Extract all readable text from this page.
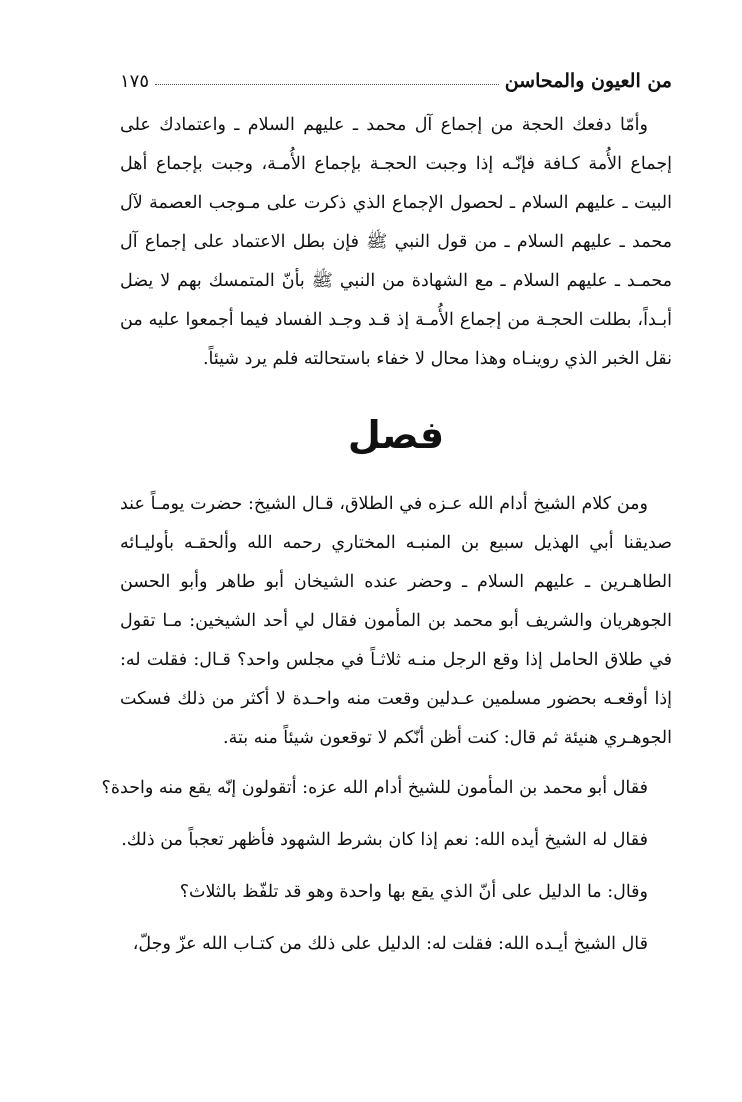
من العيون والمحاسن
١٧٥

وأمّا دفعك الحجة من إجماع آل محمد ـ عليهم السلام ـ واعتمادك على إجماع الأُمة كـافة فإنّـه إذا وجبت الحجـة بإجماع الأُمـة، وجبت بإجماع أهل البيت ـ عليهم السلام ـ لحصول الإجماع الذي ذكرت على مـوجب العصمة لآل محمد ـ عليهم السلام ـ من قول النبي ﷺ فإن بطل الاعتماد على إجماع آل محمـد ـ عليهم السلام ـ مع الشهادة من النبي ﷺ بأنّ المتمسك بهم لا يضل أبـداً، بطلت الحجـة من إجماع الأُمـة إذ قـد وجـد الفساد فيما أجمعوا عليه من نقل الخبر الذي روينـاه وهذا محال لا خفاء باستحالته فلم يرد شيئاً.

فصل

ومن كلام الشيخ أدام الله عـزه في الطلاق، قـال الشيخ: حضرت يومـاً عند صديقنا أبي الهذيل سبيع بن المنبـه المختاري رحمه الله وألحقـه بأوليـائه الطاهـرين ـ عليهم السلام ـ وحضر عنده الشيخان أبو طاهر وأبو الحسن الجوهريان والشريف أبو محمد بن المأمون فقال لي أحد الشيخين: مـا تقول في طلاق الحامل إذا وقع الرجل منـه ثلاثـاً في مجلس واحد؟ قـال: فقلت له: إذا أوقعـه بحضور مسلمين عـدلين وقعت منه واحـدة لا أكثر من ذلك فسكت الجوهـري هنيئة ثم قال: كنت أظن أنّكم لا توقعون شيئاً منه بتة.

فقال أبو محمد بن المأمون للشيخ أدام الله عزه: أتقولون إنّه يقع منه واحدة؟

فقال له الشيخ أيده الله: نعم إذا كان بشرط الشهود فأظهر تعجباً من ذلك.

وقال: ما الدليل على أنّ الذي يقع بها واحدة وهو قد تلفّظ بالثلاث؟

قال الشيخ أيـده الله: فقلت له: الدليل على ذلك من كتـاب الله عزّ وجلّ،
